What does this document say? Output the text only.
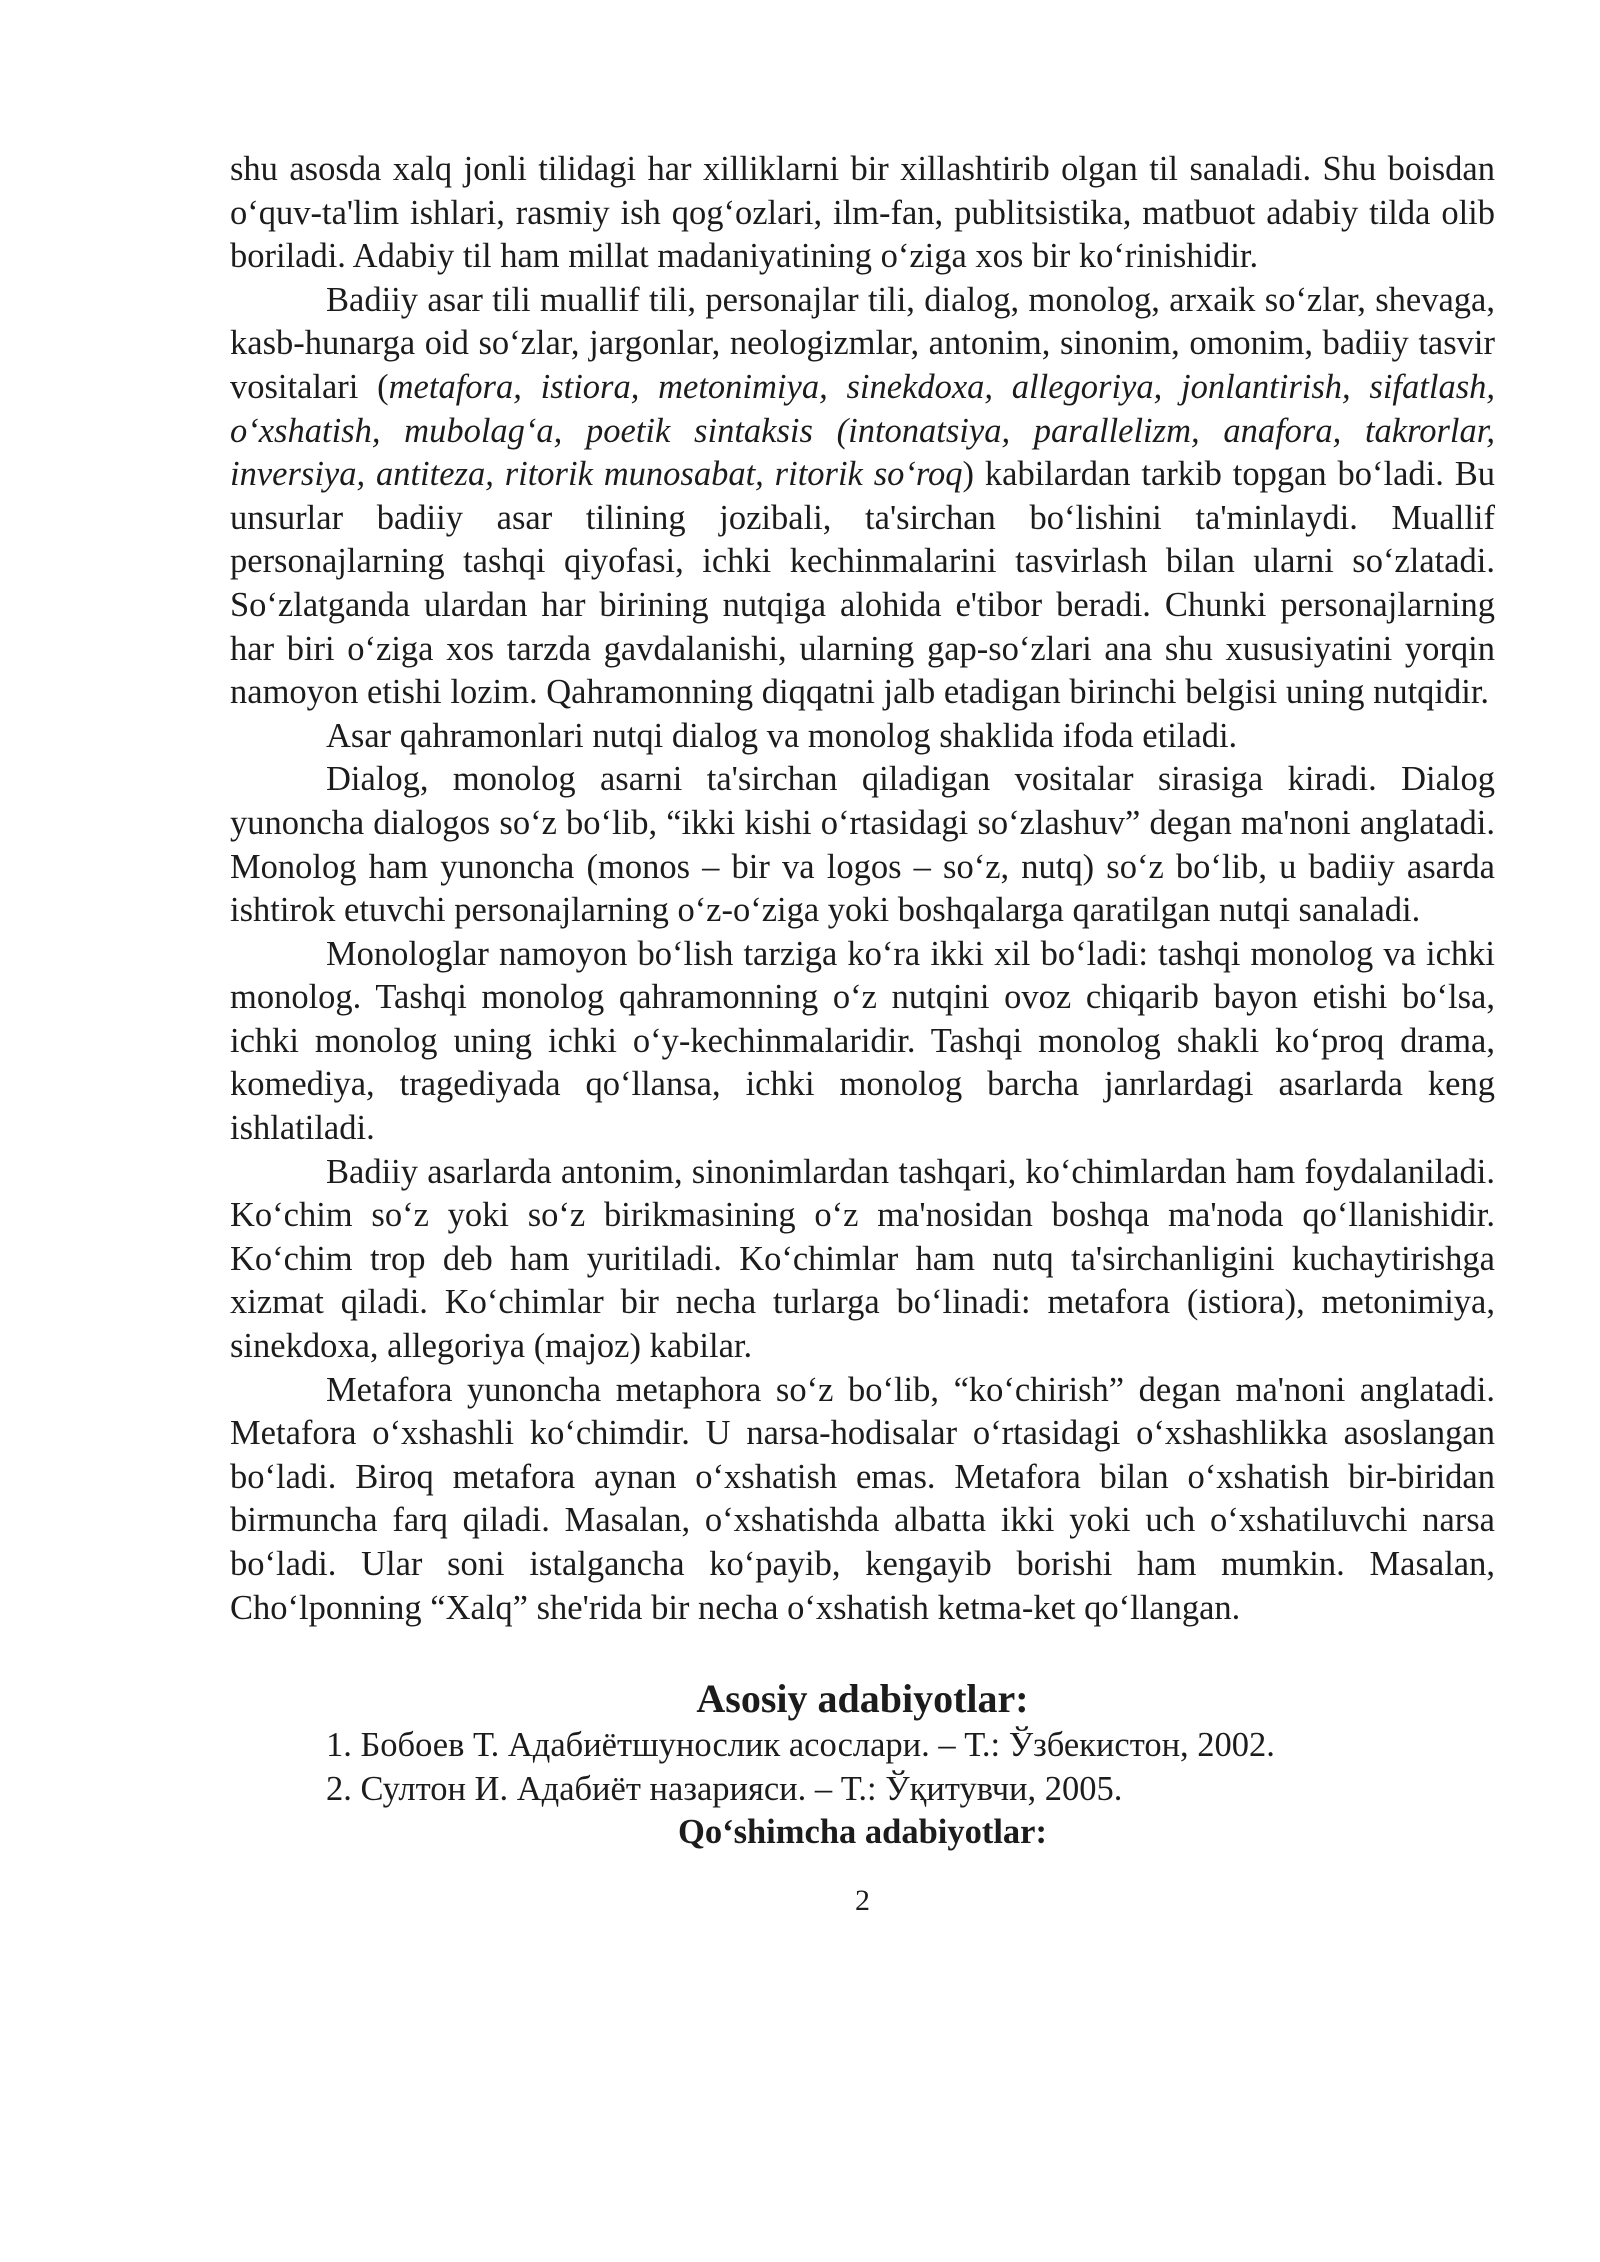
shu asosda xalq jonli tilidagi har xilliklarni bir xillashtirib olgan til sanaladi. Shu boisdan o‘quv-ta'lim ishlari, rasmiy ish qog‘ozlari, ilm-fan, publitsistika, matbuot adabiy tilda olib boriladi. Adabiy til ham millat madaniyatining o‘ziga xos bir ko‘rinishidir.

Badiiy asar tili muallif tili, personajlar tili, dialog, monolog, arxaik so‘zlar, shevaga, kasb-hunarga oid so‘zlar, jargonlar, neologizmlar, antonim, sinonim, omonim, badiiy tasvir vositalari (metafora, istiora, metonimiya, sinekdoxa, allegoriya, jonlantirish, sifatlash, o‘xshatish, mubolag‘a, poetik sintaksis (intonatsiya, parallelizm, anafora, takrorlar, inversiya, antiteza, ritorik munosabat, ritorik so‘roq) kabilardan tarkib topgan bo‘ladi. Bu unsurlar badiiy asar tilining jozibali, ta'sirchan bo‘lishini ta'minlaydi. Muallif personajlarning tashqi qiyofasi, ichki kechinmalarini tasvirlash bilan ularni so‘zlatadi. So‘zlatganda ulardan har birining nutqiga alohida e'tibor beradi. Chunki personajlarning har biri o‘ziga xos tarzda gavdalanishi, ularning gap-so‘zlari ana shu xususiyatini yorqin namoyon etishi lozim. Qahramonning diqqatni jalb etadigan birinchi belgisi uning nutqidir.

Asar qahramonlari nutqi dialog va monolog shaklida ifoda etiladi.

Dialog, monolog asarni ta'sirchan qiladigan vositalar sirasiga kiradi. Dialog yunoncha dialogos so‘z bo‘lib, “ikki kishi o‘rtasidagi so‘zlashuv” degan ma'noni anglatadi. Monolog ham yunoncha (monos – bir va logos – so‘z, nutq) so‘z bo‘lib, u badiiy asarda ishtirok etuvchi personajlarning o‘z-o‘ziga yoki boshqalarga qaratilgan nutqi sanaladi.

Monologlar namoyon bo‘lish tarziga ko‘ra ikki xil bo‘ladi: tashqi monolog va ichki monolog. Tashqi monolog qahramonning o‘z nutqini ovoz chiqarib bayon etishi bo‘lsa, ichki monolog uning ichki o‘y-kechinmalaridir. Tashqi monolog shakli ko‘proq drama, komediya, tragediyada qo‘llansa, ichki monolog barcha janrlardagi asarlarda keng ishlatiladi.

Badiiy asarlarda antonim, sinonimlardan tashqari, ko‘chimlardan ham foydalaniladi. Ko‘chim so‘z yoki so‘z birikmasining o‘z ma'nosidan boshqa ma'noda qo‘llanishidir. Ko‘chim trop deb ham yuritiladi. Ko‘chimlar ham nutq ta'sirchanligini kuchaytirishga xizmat qiladi. Ko‘chimlar bir necha turlarga bo‘linadi: metafora (istiora), metonimiya, sinekdoxa, allegoriya (majoz) kabilar.

Metafora yunoncha metaphora so‘z bo‘lib, “ko‘chirish” degan ma'noni anglatadi. Metafora o‘xshashli ko‘chimdir. U narsa-hodisalar o‘rtasidagi o‘xshashlikka asoslangan bo‘ladi. Biroq metafora aynan o‘xshatish emas. Metafora bilan o‘xshatish bir-biridan birmuncha farq qiladi. Masalan, o‘xshatishda albatta ikki yoki uch o‘xshatiluvchi narsa bo‘ladi. Ular soni istalgancha ko‘payib, kengayib borishi ham mumkin. Masalan, Cho‘lponning “Xalq” she'rida bir necha o‘xshatish ketma-ket qo‘llangan.

Asosiy adabiyotlar:
1. Бобоев Т. Адабиётшунослик асослари. – Т.: Ўзбекистон, 2002.
2. Султон И. Адабиёт назарияси. – Т.: Ўқитувчи, 2005.
Qo‘shimcha adabiyotlar:
2
